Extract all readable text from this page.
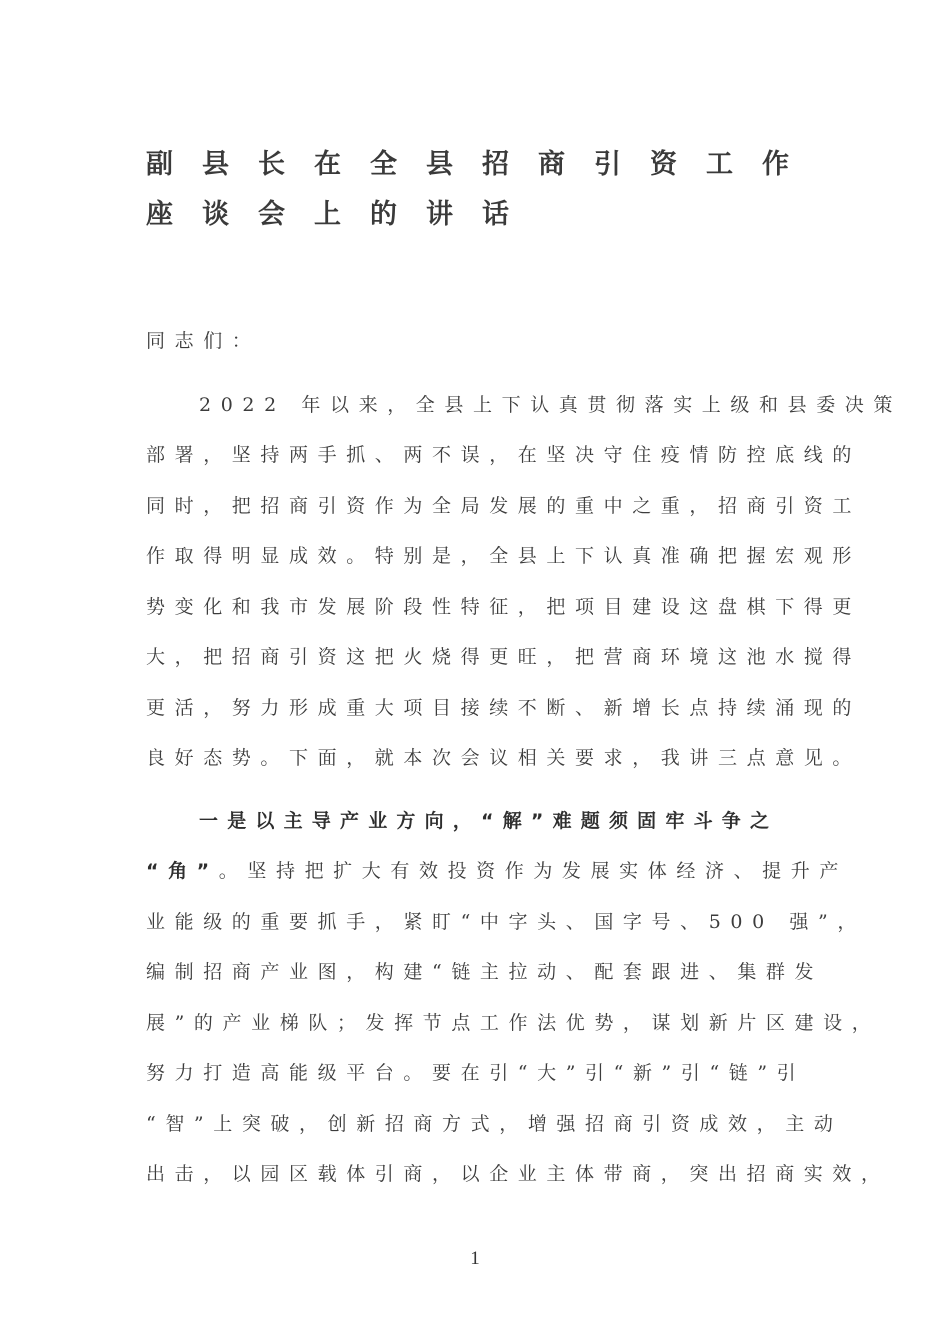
副县长在全县招商引资工作
座谈会上的讲话
同志们：
2022 年以来，全县上下认真贯彻落实上级和县委决策
部署，坚持两手抓、两不误，在坚决守住疫情防控底线的
同时，把招商引资作为全局发展的重中之重，招商引资工
作取得明显成效。特别是，全县上下认真准确把握宏观形
势变化和我市发展阶段性特征，把项目建设这盘棋下得更
大，把招商引资这把火烧得更旺，把营商环境这池水搅得
更活，努力形成重大项目接续不断、新增长点持续涌现的
良好态势。下面，就本次会议相关要求，我讲三点意见。
一是以主导产业方向，“解”难题须固牢斗争之
“角”。坚持把扩大有效投资作为发展实体经济、提升产
业能级的重要抓手，紧盯“中字头、国字号、500 强”，
编制招商产业图，构建“链主拉动、配套跟进、集群发
展”的产业梯队；发挥节点工作法优势，谋划新片区建设，
努力打造高能级平台。要在引“大”引“新”引“链”引
“智”上突破，创新招商方式，增强招商引资成效，主动
出击，以园区载体引商，以企业主体带商，突出招商实效，
1
